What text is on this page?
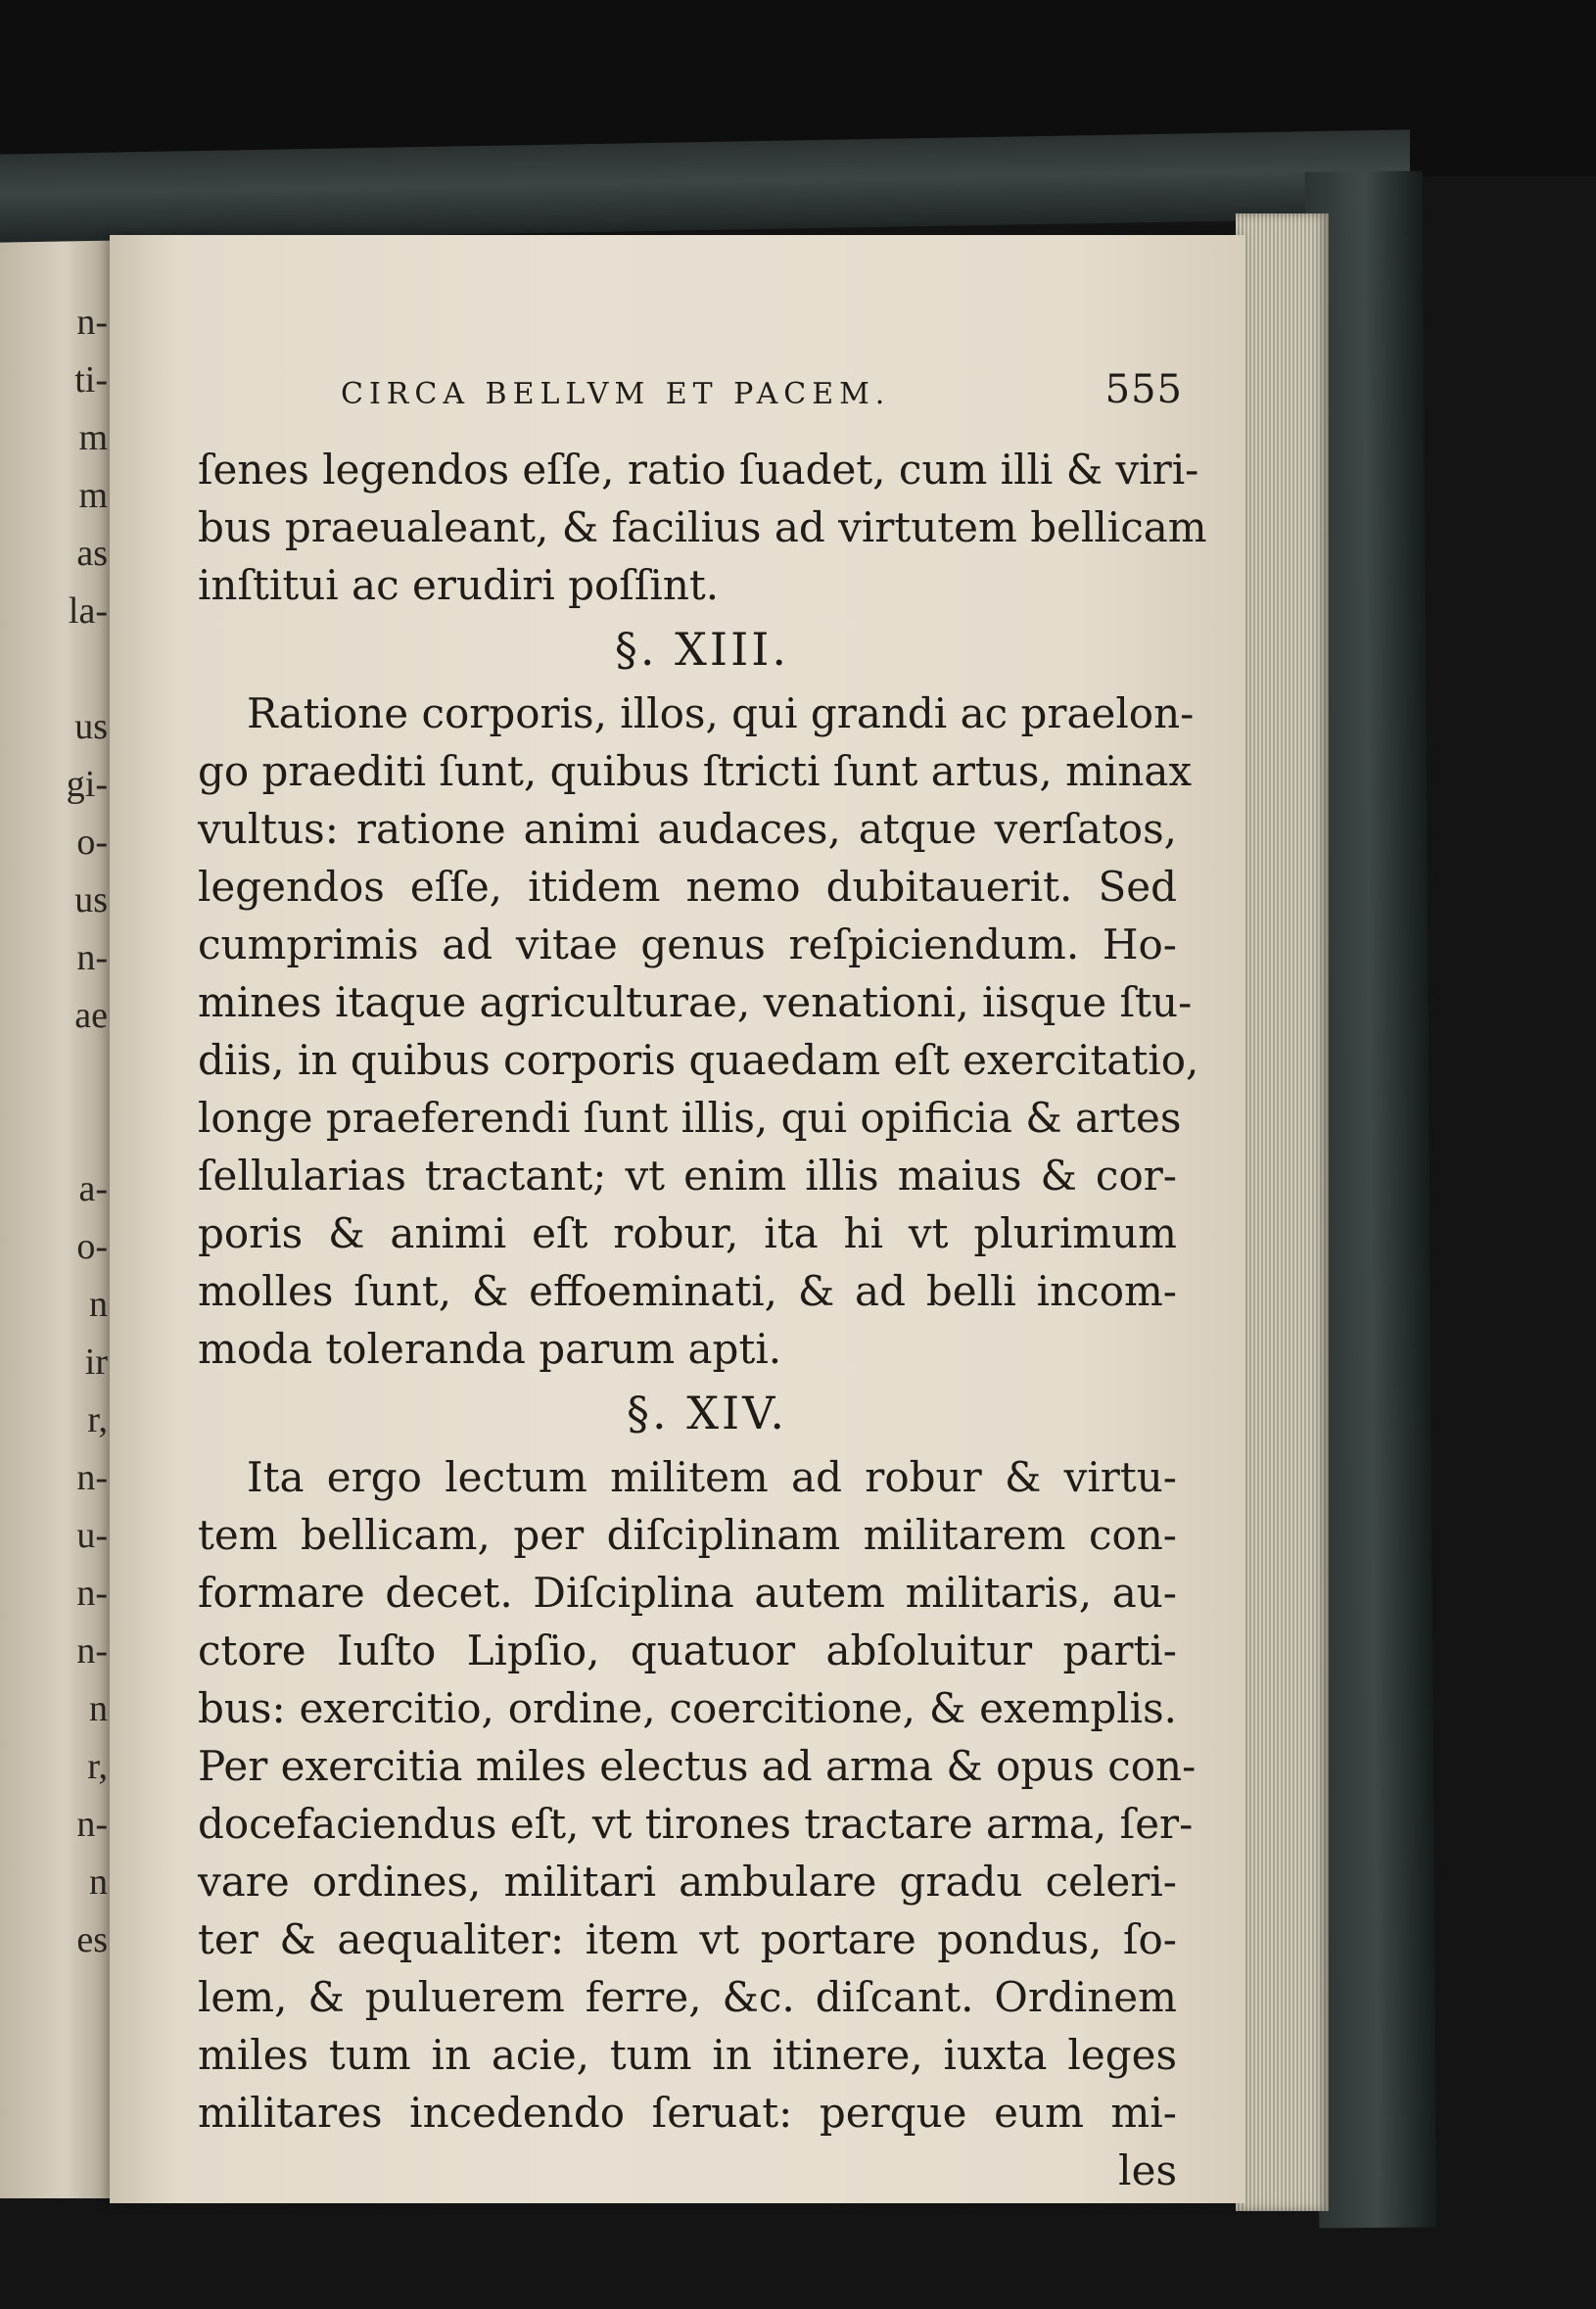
n-
ti-
m
m
as
la-
us
gi-
o-
us
n-
ae
a-
o-
n
ir
r,
n-
u-
n-
n-
n
r,
n-
n
es
CIRCA BELLVM ET PACEM.	555
ſenes legendos eſſe, ratio ſuadet, cum illi & viri-
bus praeualeant, & facilius ad virtutem bellicam
inſtitui ac erudiri poſſint.
§. XIII.
Ratione corporis, illos, qui grandi ac praelon-
go praediti ſunt, quibus ſtricti ſunt artus, minax
vultus: ratione animi audaces, atque verſatos,
legendos eſſe, itidem nemo dubitauerit. Sed
cumprimis ad vitae genus reſpiciendum. Ho-
mines itaque agriculturae, venationi, iisque ſtu-
diis, in quibus corporis quaedam eſt exercitatio,
longe praeferendi ſunt illis, qui opificia & artes
ſellularias tractant; vt enim illis maius & cor-
poris & animi eſt robur, ita hi vt plurimum
molles ſunt, & effoeminati, & ad belli incom-
moda toleranda parum apti.
§. XIV.
Ita ergo lectum militem ad robur & virtu-
tem bellicam, per diſciplinam militarem con-
formare decet. Diſciplina autem militaris, au-
ctore Iuſto Lipſio, quatuor abſoluitur parti-
bus: exercitio, ordine, coercitione, & exemplis.
Per exercitia miles electus ad arma & opus con-
docefaciendus eſt, vt tirones tractare arma, ſer-
vare ordines, militari ambulare gradu celeri-
ter & aequaliter: item vt portare pondus, ſo-
lem, & puluerem ferre, &c. diſcant. Ordinem
miles tum in acie, tum in itinere, iuxta leges
militares incedendo ſeruat: perque eum mi-
les
